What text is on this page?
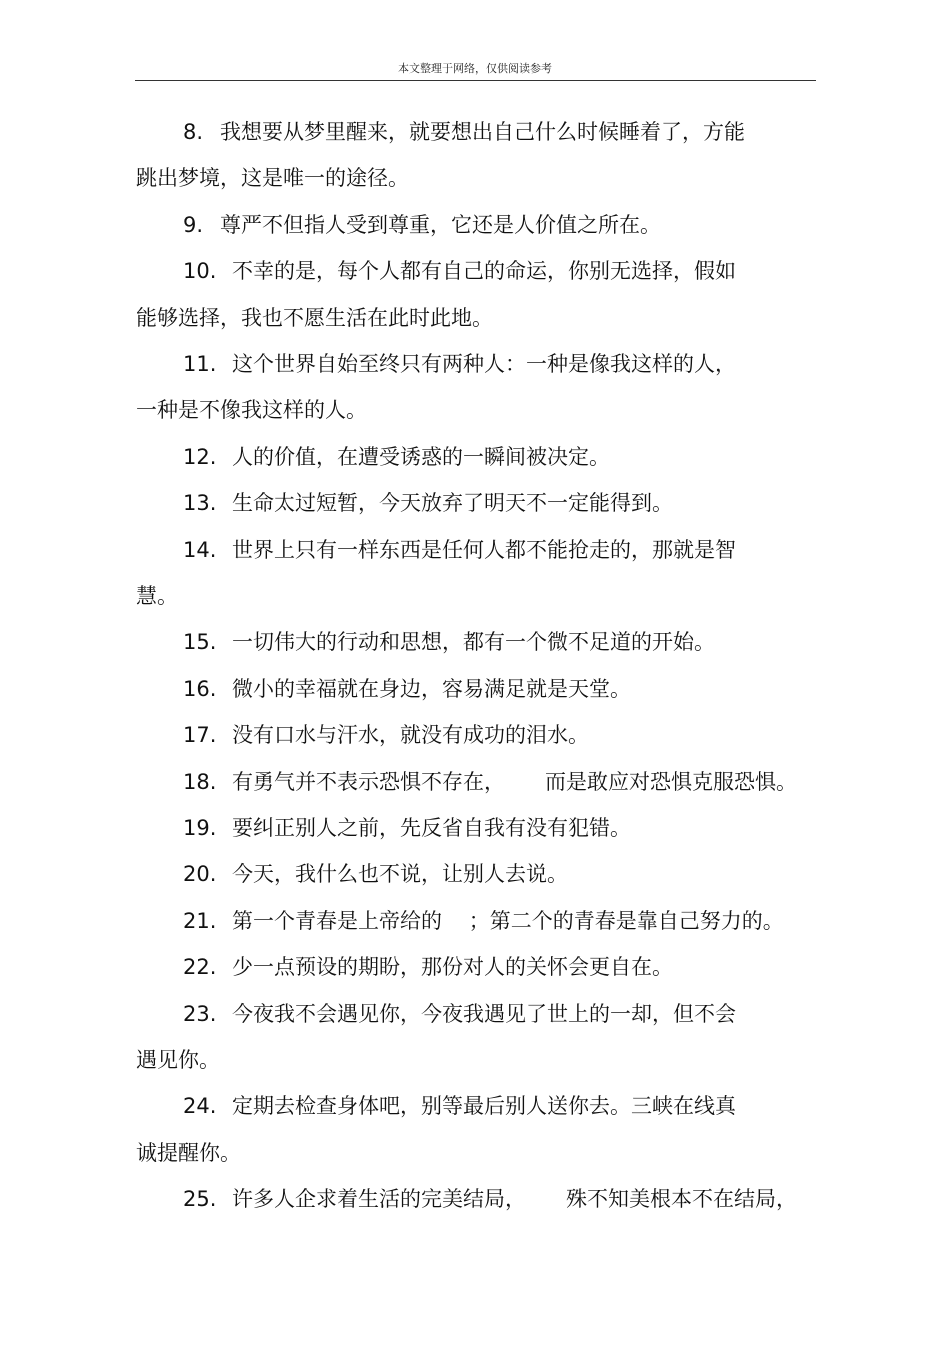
本文整理于网络，仅供阅读参考
8. 我想要从梦里醒来，就要想出自己什么时候睡着了，方能
跳出梦境，这是唯一的途径。
9. 尊严不但指人受到尊重，它还是人价值之所在。
10. 不幸的是，每个人都有自己的命运，你别无选择，假如
能够选择，我也不愿生活在此时此地。
11. 这个世界自始至终只有两种人：一种是像我这样的人，
一种是不像我这样的人。
12. 人的价值，在遭受诱惑的一瞬间被决定。
13. 生命太过短暂，今天放弃了明天不一定能得到。
14. 世界上只有一样东西是任何人都不能抢走的，那就是智
慧。
15. 一切伟大的行动和思想，都有一个微不足道的开始。
16. 微小的幸福就在身边，容易满足就是天堂。
17. 没有口水与汗水，就没有成功的泪水。
18. 有勇气并不表示恐惧不存在，      而是敢应对恐惧克服恐惧。
19. 要纠正别人之前，先反省自我有没有犯错。
20. 今天，我什么也不说，让别人去说。
21. 第一个青春是上帝给的    ；第二个的青春是靠自己努力的。
22. 少一点预设的期盼，那份对人的关怀会更自在。
23. 今夜我不会遇见你，今夜我遇见了世上的一却，但不会
遇见你。
24. 定期去检查身体吧，别等最后别人送你去。三峡在线真
诚提醒你。
25. 许多人企求着生活的完美结局，      殊不知美根本不在结局，
